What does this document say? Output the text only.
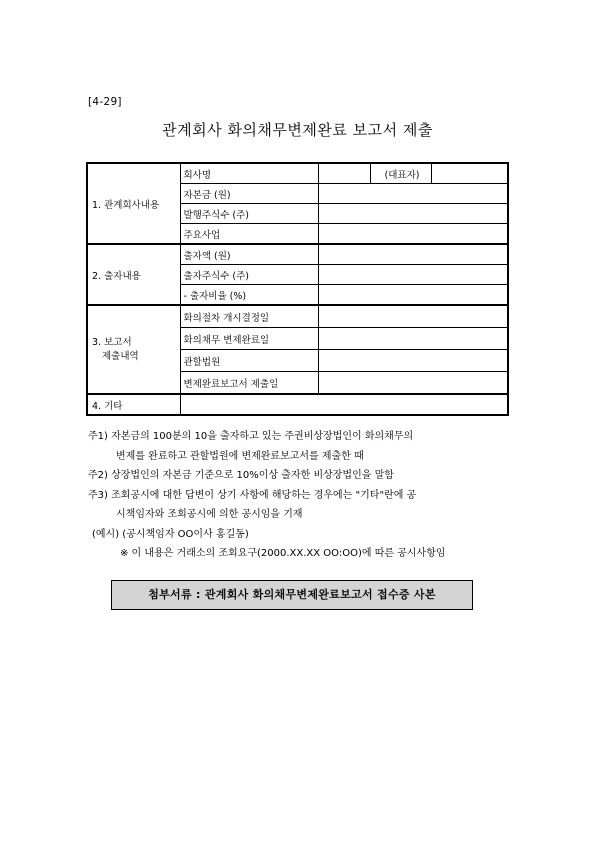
[4-29]
관계회사 화의채무변제완료 보고서 제출
1. 관계회사내용	회사명		(대표자)	
	자본금 (원)			
	발행주식수 (주)			
	주요사업			
2. 출자내용	출자액 (원)			
	출자주식수 (주)			
	- 출자비율 (%)			

3. 보고서
제출내역	화의절차 개시결정일			
	화의채무 변제완료일			
	관할법원			
	변제완료보고서 제출일			
4. 기타				
주1) 자본금의 100분의 10을 출자하고 있는 주권비상장법인이 화의채무의
변제를 완료하고 관할법원에 변제완료보고서를 제출한 때
주2) 상장법인의 자본금 기준으로 10%이상 출자한 비상장법인을 말함
주3) 조회공시에 대한 답변이 상기 사항에 해당하는 경우에는 "기타"란에 공
시책임자와 조회공시에 의한 공시임을 기재
(예시) (공시책임자 OO이사 홍길동)
※ 이 내용은 거래소의 조회요구(2000.XX.XX OO:OO)에 따른 공시사항임
첨부서류 : 관계회사 화의채무변제완료보고서 접수증 사본
